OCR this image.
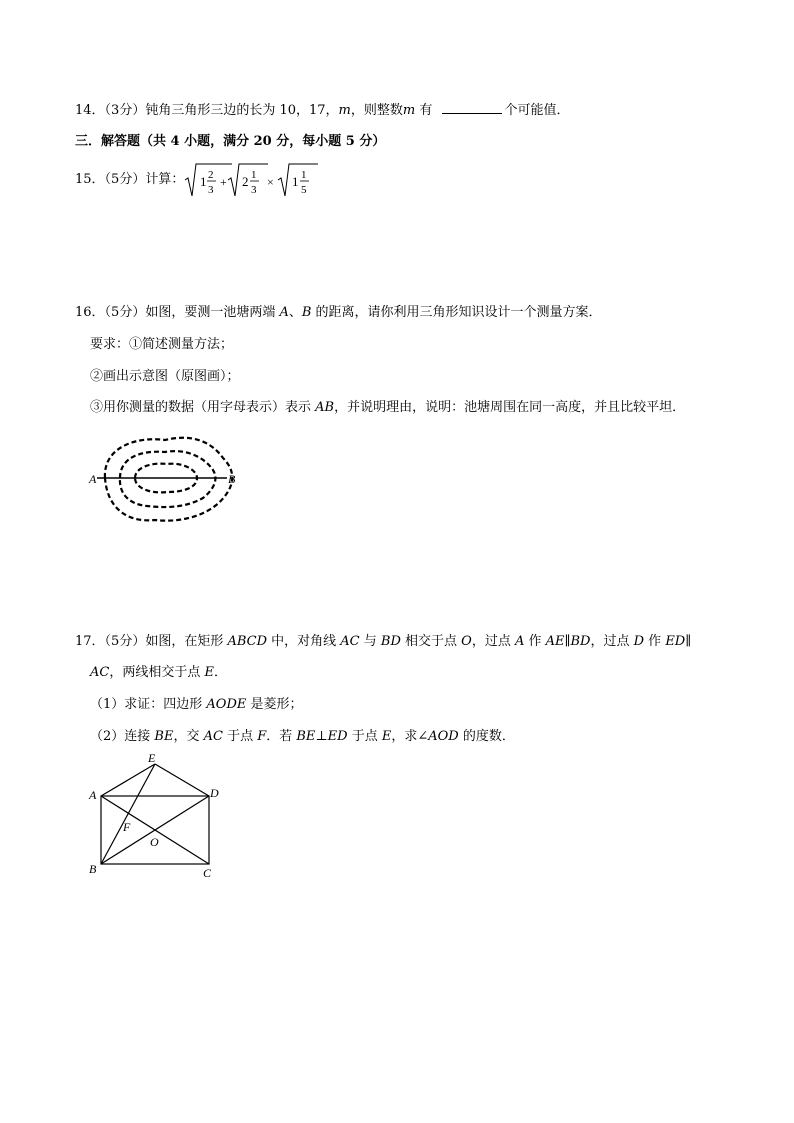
14．（3分）钝角三角形三边的长为 10，17，m，则整数m 有	个可能值．
三．解答题（共 4 小题，满分 20 分，每小题 5 分）
15．（5分）计算： 1 2
3
+ 2 1
3
× 1 1
5
16．（5分）如图，要测一池塘两端 A、B 的距离，请你利用三角形知识设计一个测量方案．
要求：①简述测量方法；
②画出示意图（原图画）；
③用你测量的数据（用字母表示）表示 AB，并说明理由，说明：池塘周围在同一高度，并且比较平坦．
A	B
17．（5分）如图，在矩形 ABCD 中，对角线 AC 与 BD 相交于点 O，过点 A 作 AE∥BD，过点 D 作 ED∥
AC，两线相交于点 E．
（1）求证：四边形 AODE 是菱形；
（2）连接 BE，交 AC 于点 F．若 BE⊥ED 于点 E，求∠AOD 的度数．
A
B	C
D
E
F
O
